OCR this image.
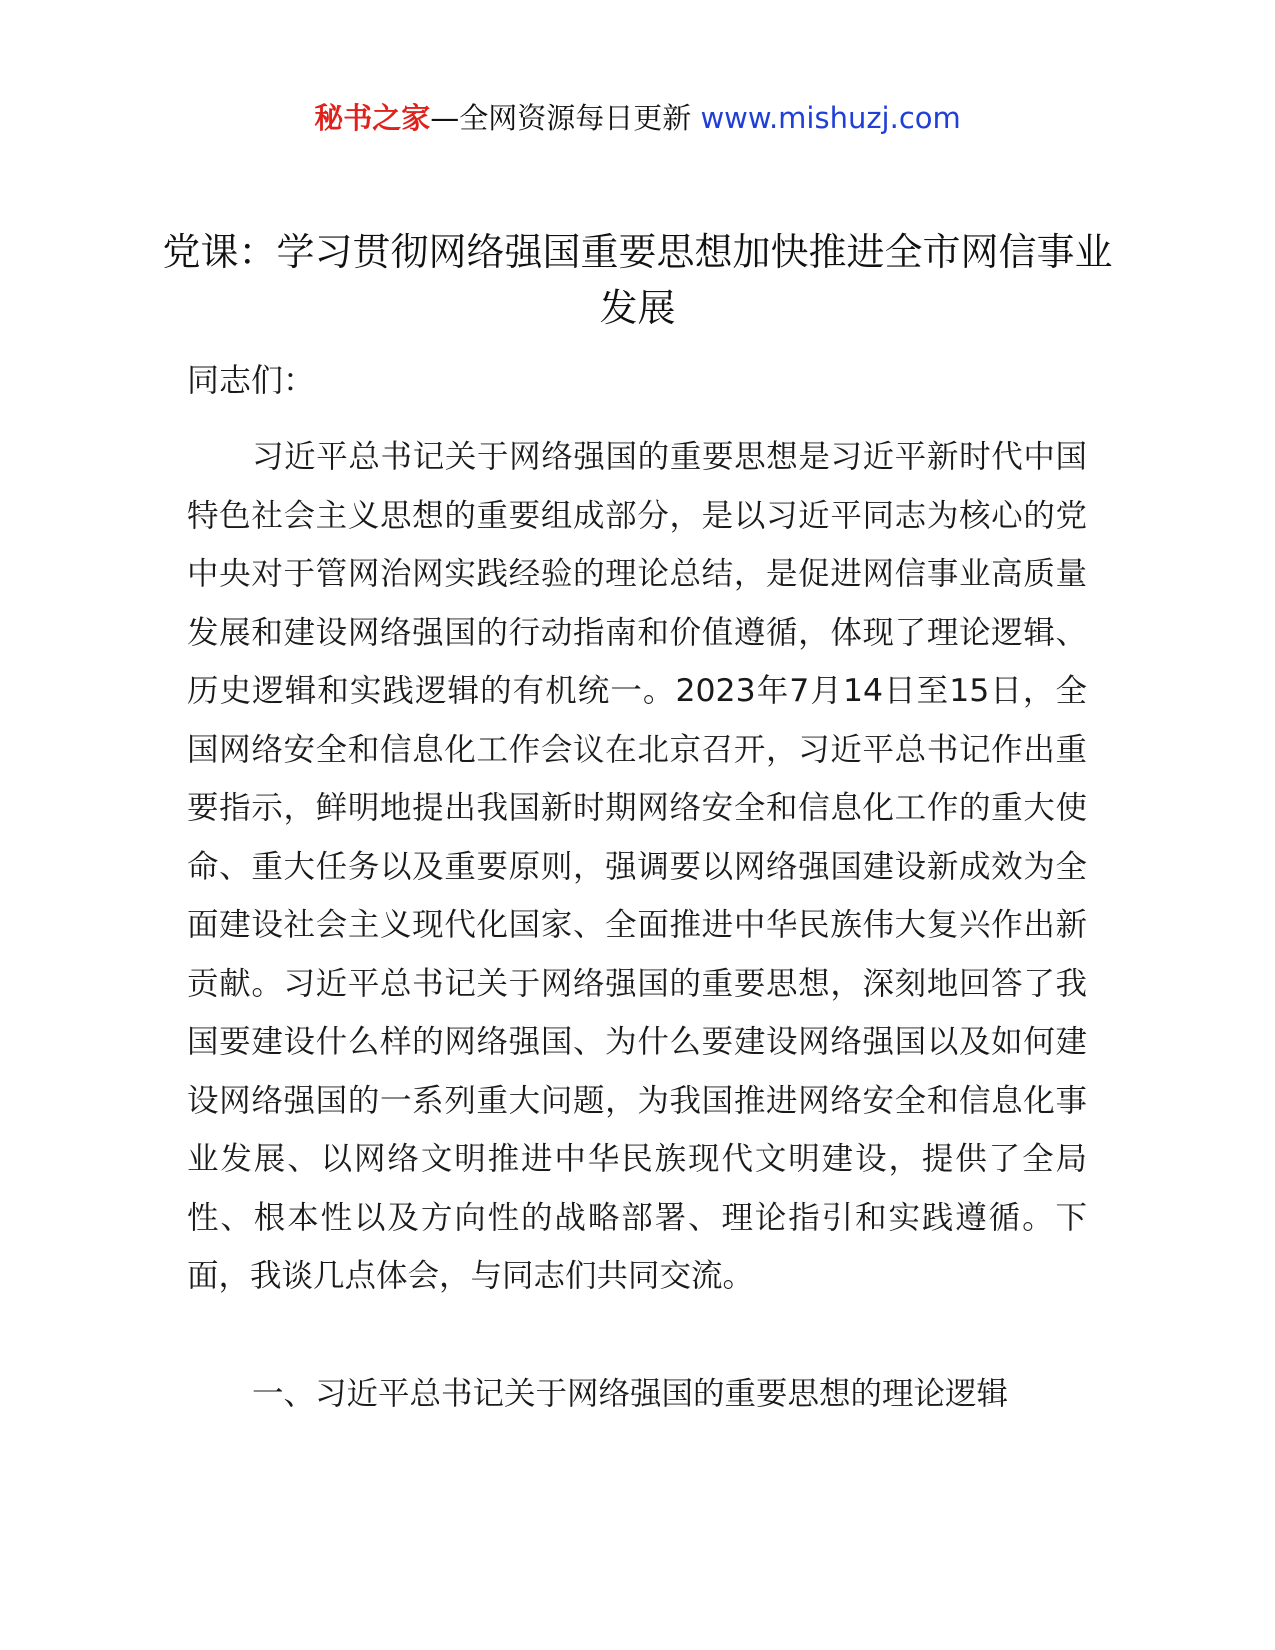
秘书之家—全网资源每日更新 www.mishuzj.com
党课：学习贯彻网络强国重要思想加快推进全市网信事业发展
同志们：

习近平总书记关于网络强国的重要思想是习近平新时代中国特色社会主义思想的重要组成部分，是以习近平同志为核心的党中央对于管网治网实践经验的理论总结，是促进网信事业高质量发展和建设网络强国的行动指南和价值遵循，体现了理论逻辑、历史逻辑和实践逻辑的有机统一。2023年7月14日至15日，全国网络安全和信息化工作会议在北京召开，习近平总书记作出重要指示，鲜明地提出我国新时期网络安全和信息化工作的重大使命、重大任务以及重要原则，强调要以网络强国建设新成效为全面建设社会主义现代化国家、全面推进中华民族伟大复兴作出新贡献。习近平总书记关于网络强国的重要思想，深刻地回答了我国要建设什么样的网络强国、为什么要建设网络强国以及如何建设网络强国的一系列重大问题，为我国推进网络安全和信息化事业发展、以网络文明推进中华民族现代文明建设，提供了全局性、根本性以及方向性的战略部署、理论指引和实践遵循。下面，我谈几点体会，与同志们共同交流。

一、习近平总书记关于网络强国的重要思想的理论逻辑
